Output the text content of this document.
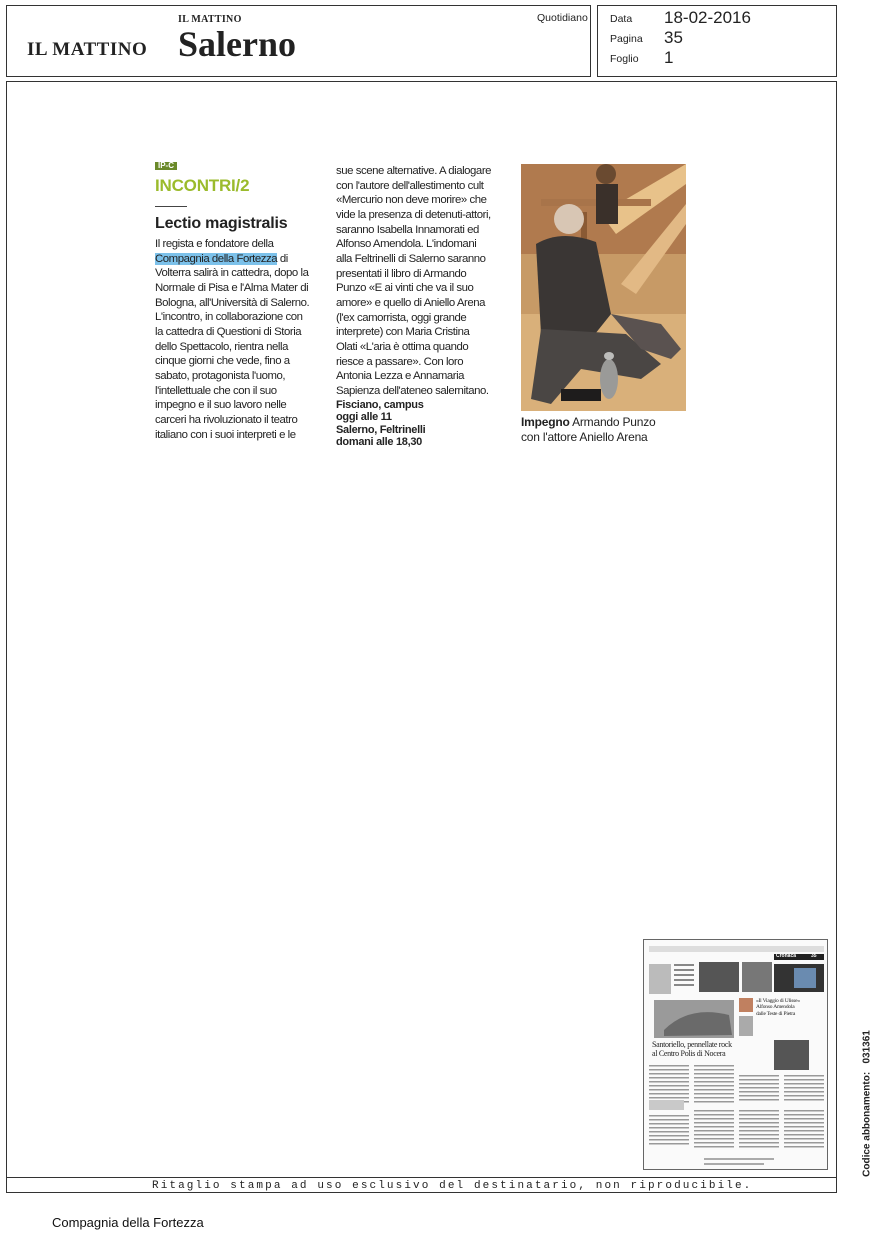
IL MATTINO
IL MATTINO Salerno
Quotidiano Data 18-02-2016
Pagina 35
Foglio 1
IP-C
INCONTRI/2
Lectio magistralis

Il regista e fondatore della

Compagnia della Fortezza di

Volterra salirà in cattedra, dopo la

Normale di Pisa e l'Alma Mater di

Bologna, all'Università di Salerno.

L'incontro, in collaborazione con

la cattedra di Questioni di Storia

dello Spettacolo, rientra nella

cinque giorni che vede, fino a

sabato, protagonista l'uomo,

l'intellettuale che con il suo

impegno e il suo lavoro nelle

carceri ha rivoluzionato il teatro

italiano con i suoi interpreti e le

sue scene alternative. A dialogare

con l'autore dell'allestimento cult

«Mercurio non deve morire» che

vide la presenza di detenuti-attori,

saranno Isabella Innamorati ed

Alfonso Amendola. L'indomani

alla Feltrinelli di Salerno saranno

presentati il libro di Armando

Punzo «E ai vinti che va il suo

amore» e quello di Aniello Arena

(l'ex camorrista, oggi grande

interprete) con Maria Cristina

Olati «L'aria è ottima quando

riesce a passare». Con loro

Antonia Lezza e Annamaria

Sapienza dell'ateneo salernitano.

Fisciano, campus

oggi alle 11

Salerno, Feltrinelli

domani alle 18,30

Impegno Armando Punzo
con l'attore Aniello Arena
Cronaca	35
Santoriello, pennellate rock
al Centro Polis di Nocera
«Il Viaggio di Ulisse»
Alfonso Amendola
dalle Teste di Pietra
Codice abbonamento:   031361
Ritaglio stampa ad uso esclusivo del destinatario, non riproducibile.
Compagnia della Fortezza
